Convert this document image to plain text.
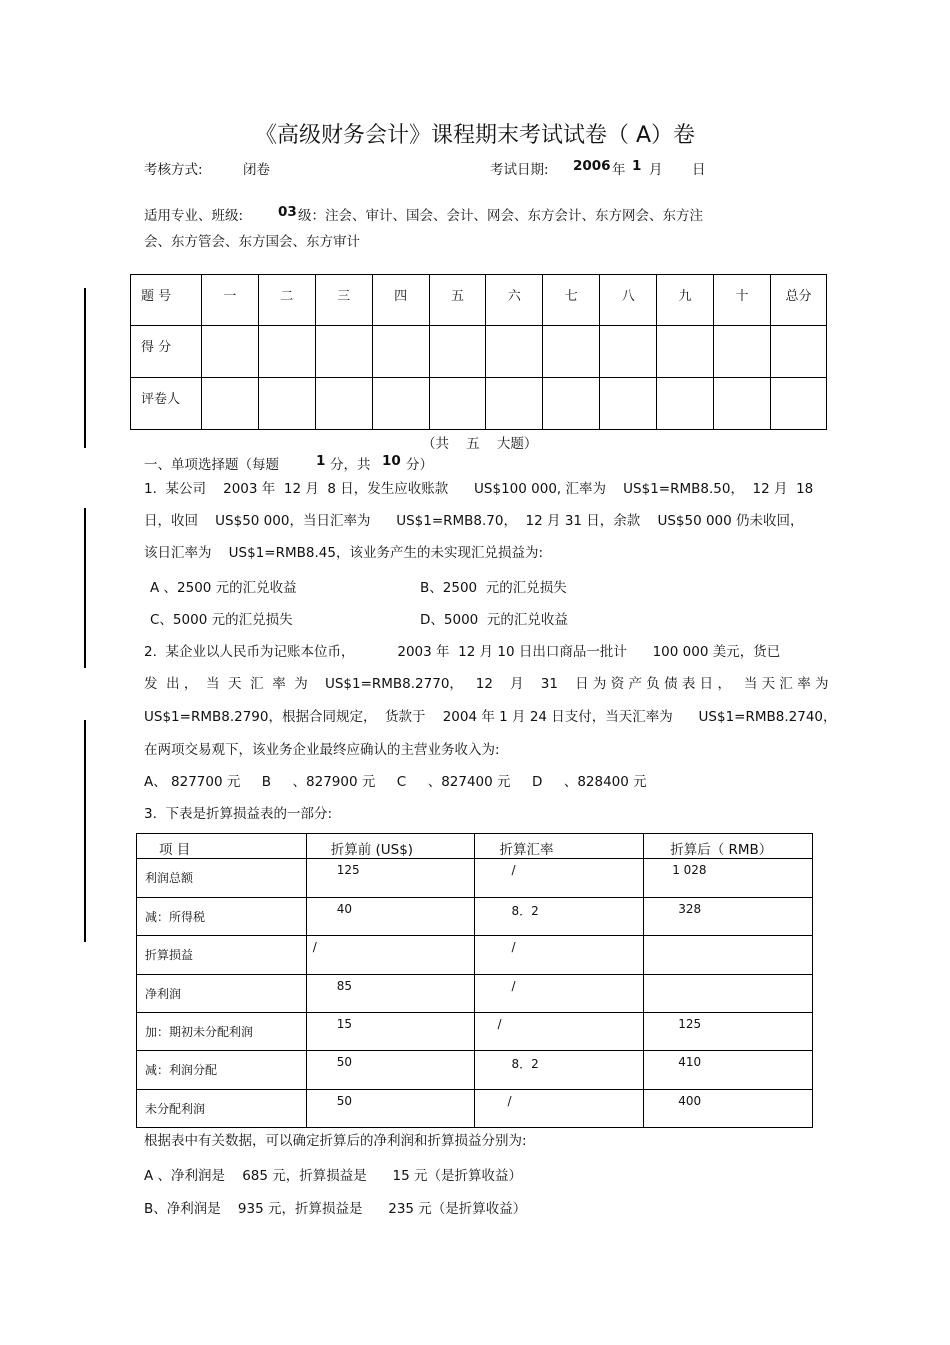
《高级财务会计》课程期末考试试卷（ A）卷
考核方式:	闭卷	考试日期: 2006 年 1 月 日
适用专业、班级:	03 级：注会、审计、国会、会计、网会、东方会计、东方网会、东方注
会、东方管会、东方国会、东方审计
题 号	一	二	三	四	五	六	七	八	九	十	总分

得 分											

评卷人											

（共    五    大题）
一、单项选择题（每题	1 分，共 10 分）
1.  某公司    2003 年  12 月  8 日，发生应收账款      US$100 000, 汇率为    US$1=RMB8.50，  12 月  18
日，收回    US$50 000，当日汇率为      US$1=RMB8.70，  12 月 31 日，余款    US$50 000 仍未收回，
该日汇率为    US$1=RMB8.45，该业务产生的未实现汇兑损益为:
A 、2500 元的汇兑收益	B、2500  元的汇兑损失
C、5000 元的汇兑损失	D、5000  元的汇兑收益
2.  某企业以人民币为记账本位币，          2003 年  12 月 10 日出口商品一批计      100 000 美元，货已
发  出 ，  当  天  汇  率  为    US$1=RMB8.2770，   12    月    31    日 为 资 产 负 债 表 日 ，   当 天 汇 率 为
US$1=RMB8.2790，根据合同规定，  货款于    2004 年 1 月 24 日支付，当天汇率为      US$1=RMB8.2740，
在两项交易观下，该业务企业最终应确认的主营业务收入为:
A、 827700 元     B     、827900 元     C     、827400 元     D     、828400 元
3.  下表是折算损益表的一部分:
项 目	折算前 (US$)	折算汇率	折算后（ RMB）

利润总额	125	/	1 028

减：所得税	40	8．2	328

折算损益	/	/	

净利润	85	/	

加：期初未分配利润	15	/	125

减：利润分配	50	8．2	410

未分配利润	50	/	400
根据表中有关数据，可以确定折算后的净利润和折算损益分别为:
A 、净利润是    685 元，折算损益是      15 元（是折算收益）
B、净利润是    935 元，折算损益是      235 元（是折算收益）
